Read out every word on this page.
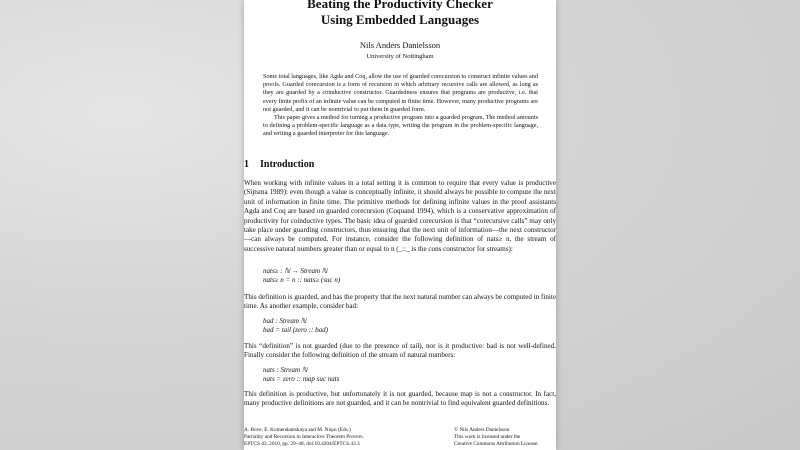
Beating the Productivity Checker
Using Embedded Languages
Nils Anders Danielsson
University of Nottingham

Some total languages, like Agda and Coq, allow the use of guarded corecursion to construct infinite values and proofs. Guarded corecursion is a form of recursion in which arbitrary recursive calls are allowed, as long as they are guarded by a coinductive constructor. Guardedness ensures that programs are productive, i.e. that every finite prefix of an infinite value can be computed in finite time. However, many productive programs are not guarded, and it can be nontrivial to put them in guarded form.

This paper gives a method for turning a productive program into a guarded program. The method amounts to defining a problem-specific language as a data type, writing the program in the problem-specific language, and writing a guarded interpreter for this language.

1 Introduction

When working with infinite values in a total setting it is common to require that every value is productive (Sijtsma 1989): even though a value is conceptually infinite, it should always be possible to compute the next unit of information in finite time. The primitive methods for defining infinite values in the proof assistants Agda and Coq are based on guarded corecursion (Coquand 1994), which is a conservative approximation of productivity for coinductive types. The basic idea of guarded corecursion is that “corecursive calls” may only take place under guarding constructors, thus ensuring that the next unit of information—the next constructor—can always be computed. For instance, consider the following definition of nats≥ n, the stream of successive natural numbers greater than or equal to n (_::_ is the cons constructor for streams):

nats≥ : ℕ → Stream ℕ
nats≥ n = n :: nats≥ (suc n)

This definition is guarded, and has the property that the next natural number can always be computed in finite time. As another example, consider bad:

bad : Stream ℕ
bad = tail (zero :: bad)

This “definition” is not guarded (due to the presence of tail), nor is it productive: bad is not well-defined. Finally consider the following definition of the stream of natural numbers:

nats : Stream ℕ
nats = zero :: map suc nats

This definition is productive, but unfortunately it is not guarded, because map is not a constructor. In fact, many productive definitions are not guarded, and it can be nontrivial to find equivalent guarded definitions.

A. Bove, E. Komendantskaya and M. Niqui (Eds.)
Partiality and Recursion in Interactive Theorem Provers.
EPTCS 43, 2010, pp. 29–48, doi:10.4204/EPTCS.43.3
© Nils Anders Danielsson
This work is licensed under the
Creative Commons Attribution License.
